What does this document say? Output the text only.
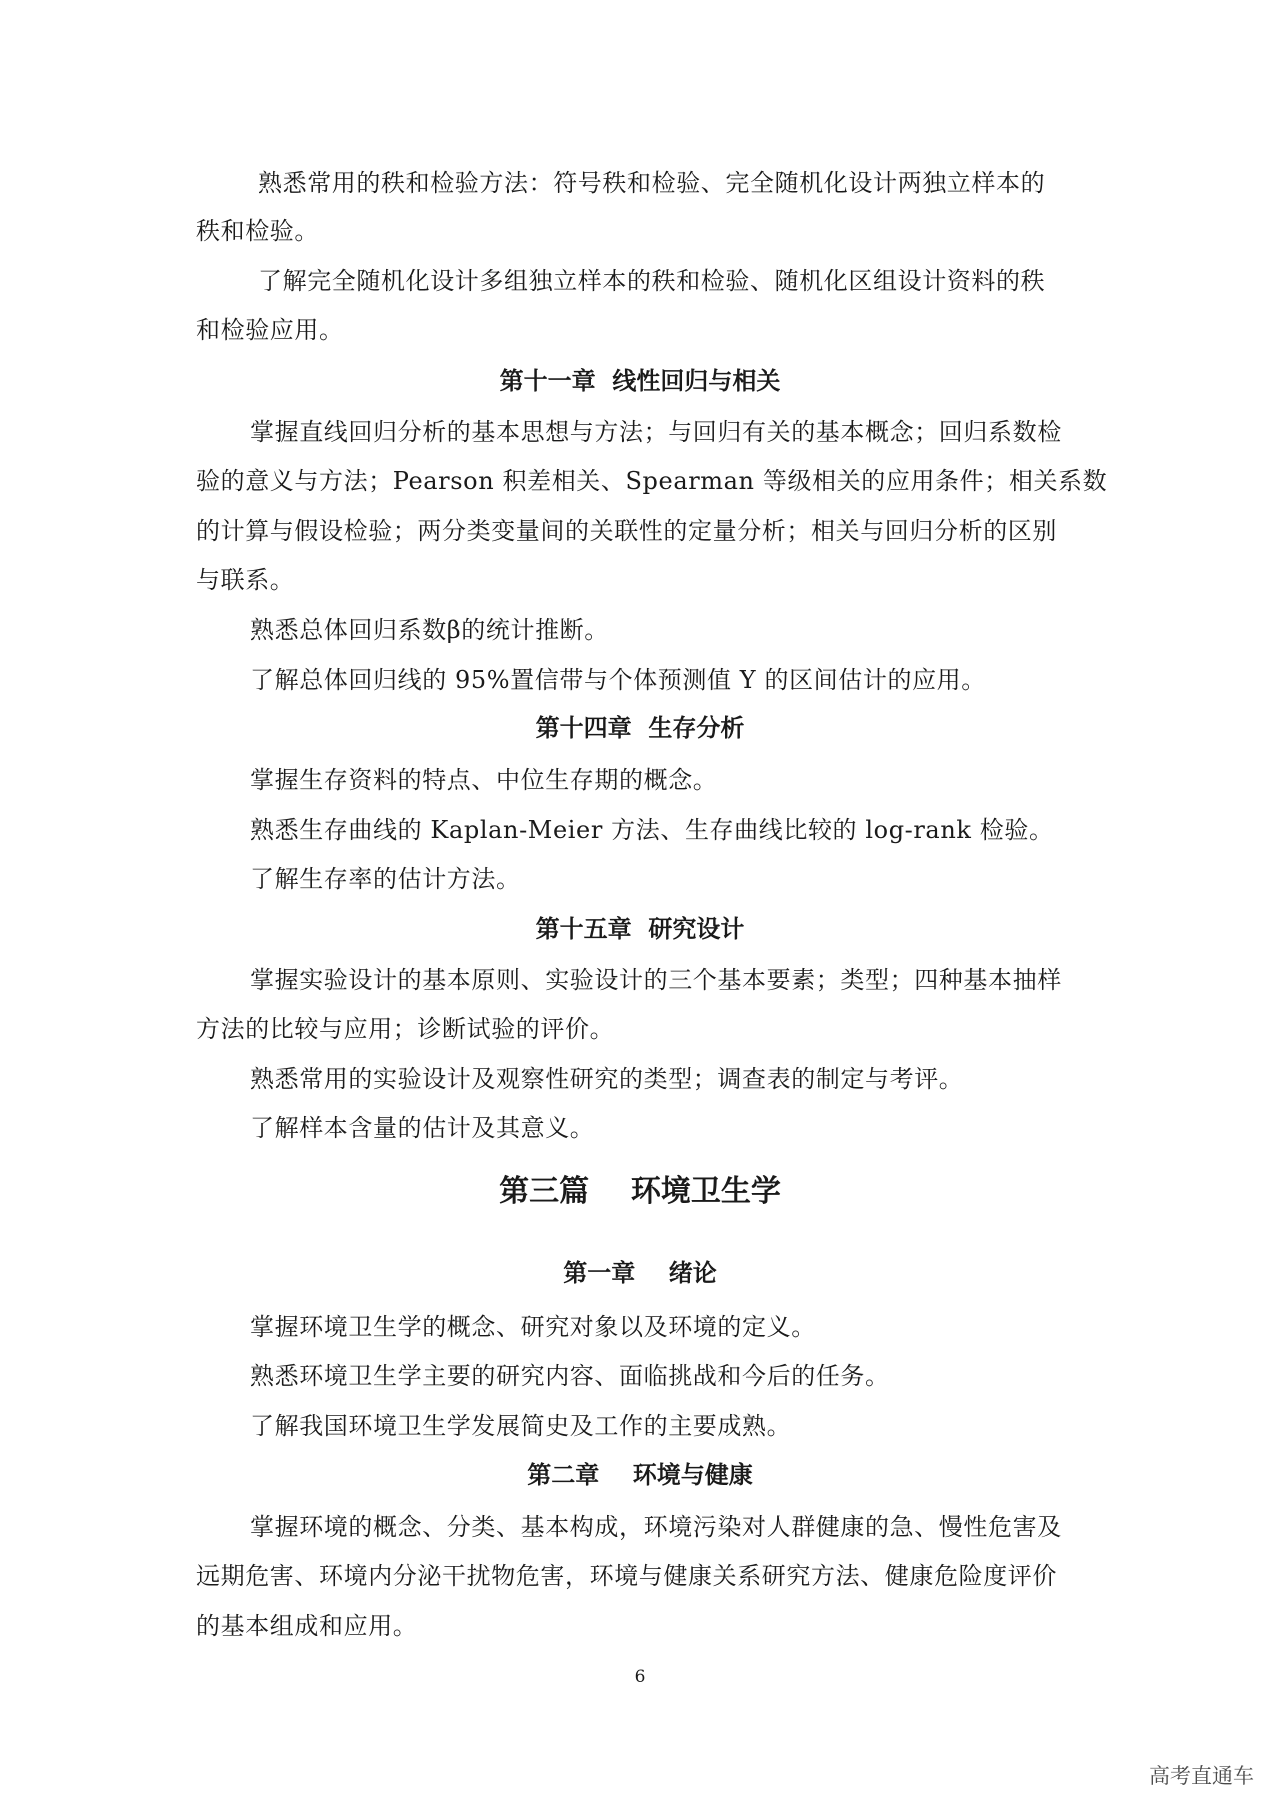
熟悉常用的秩和检验方法：符号秩和检验、完全随机化设计两独立样本的
秩和检验。
了解完全随机化设计多组独立样本的秩和检验、随机化区组设计资料的秩
和检验应用。
第十一章  线性回归与相关
掌握直线回归分析的基本思想与方法；与回归有关的基本概念；回归系数检
验的意义与方法；Pearson 积差相关、Spearman 等级相关的应用条件；相关系数
的计算与假设检验；两分类变量间的关联性的定量分析；相关与回归分析的区别
与联系。
熟悉总体回归系数β的统计推断。
了解总体回归线的 95%置信带与个体预测值 Y 的区间估计的应用。
第十四章  生存分析
掌握生存资料的特点、中位生存期的概念。
熟悉生存曲线的 Kaplan-Meier 方法、生存曲线比较的 log-rank 检验。
了解生存率的估计方法。
第十五章  研究设计
掌握实验设计的基本原则、实验设计的三个基本要素；类型；四种基本抽样
方法的比较与应用；诊断试验的评价。
熟悉常用的实验设计及观察性研究的类型；调查表的制定与考评。
了解样本含量的估计及其意义。
第三篇    环境卫生学
第一章    绪论
掌握环境卫生学的概念、研究对象以及环境的定义。
熟悉环境卫生学主要的研究内容、面临挑战和今后的任务。
了解我国环境卫生学发展简史及工作的主要成熟。
第二章    环境与健康
掌握环境的概念、分类、基本构成，环境污染对人群健康的急、慢性危害及
远期危害、环境内分泌干扰物危害，环境与健康关系研究方法、健康危险度评价
的基本组成和应用。
6
高考直通车
